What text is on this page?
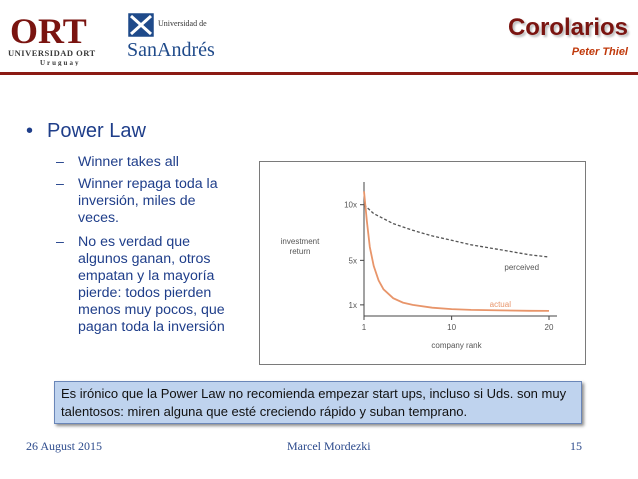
ORT
UNIVERSIDAD ORT
Uruguay
Universidad de
SanAndrés
Corolarios
Peter Thiel
• Power Law
– Winner takes all
– Winner repaga toda la inversión, miles de veces.
– No es verdad que algunos ganan, otros empatan y la mayoría pierde: todos pierden menos muy pocos, que pagan toda la inversión
1x
5x
10x
1	10	20
company rank
investment return
perceived
actual
Es irónico que la Power Law no recomienda empezar start ups, incluso si Uds. son muy talentosos: miren alguna que esté creciendo rápido y suban temprano.
26 August 2015	Marcel Mordezki	15
